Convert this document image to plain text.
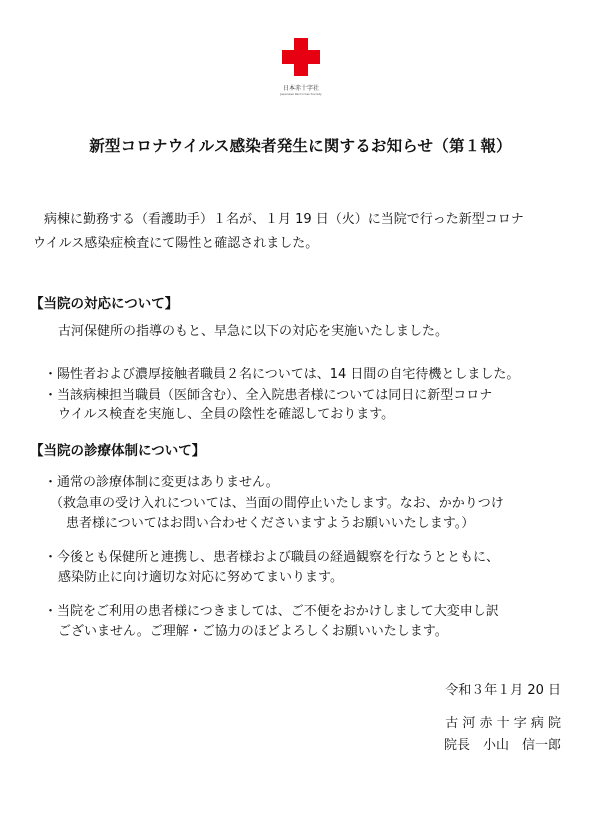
日本赤十字社
Japanese Red Cross Society
新型コロナウイルス感染者発生に関するお知らせ（第１報）
病棟に勤務する（看護助手）１名が、１月 19 日（火）に当院で行った新型コロナ
ウイルス感染症検査にて陽性と確認されました。
【当院の対応について】
古河保健所の指導のもと、早急に以下の対応を実施いたしました。
・陽性者および濃厚接触者職員２名については、14 日間の自宅待機としました。
・当該病棟担当職員（医師含む）、全入院患者様については同日に新型コロナ
ウイルス検査を実施し、全員の陰性を確認しております。
【当院の診療体制について】
・通常の診療体制に変更はありません。
（救急車の受け入れについては、当面の間停止いたします。なお、かかりつけ
患者様についてはお問い合わせくださいますようお願いいたします。）
・今後とも保健所と連携し、患者様および職員の経過観察を行なうとともに、
感染防止に向け適切な対応に努めてまいります。
・当院をご利用の患者様につきましては、ご不便をおかけしまして大変申し訳
ございません。ご理解・ご協力のほどよろしくお願いいたします。
令和３年１月 20 日
古 河 赤 十 字 病 院
院長　小山　信一郎
